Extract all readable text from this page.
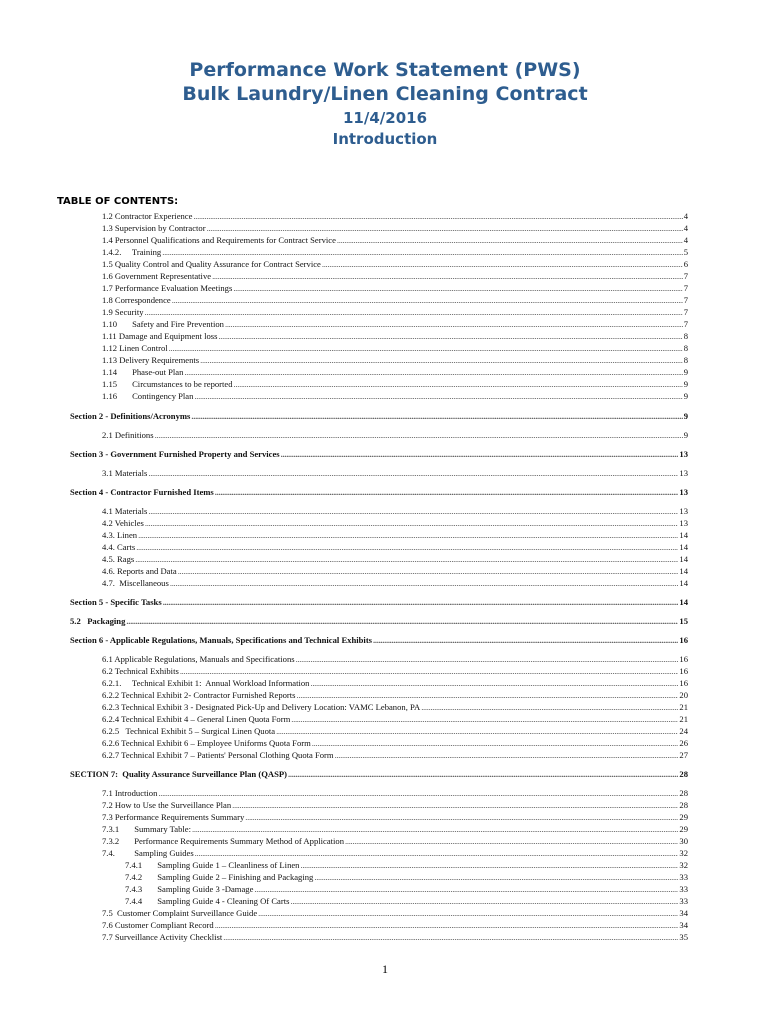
Performance Work Statement (PWS)
Bulk Laundry/Linen Cleaning Contract
11/4/2016
Introduction
TABLE OF CONTENTS:
1.2 Contractor Experience .....	4
1.3 Supervision by Contractor .....	4
1.4 Personnel Qualifications and Requirements for Contract Service .....	4
1.4.2.     Training .....	5
1.5 Quality Control and Quality Assurance for Contract Service .....	6
1.6 Government Representative .....	7
1.7 Performance Evaluation Meetings .....	7
1.8 Correspondence .....	7
1.9 Security .....	7
1.10       Safety and Fire Prevention .....	7
1.11 Damage and Equipment loss .....	8
1.12 Linen Control .....	8
1.13 Delivery Requirements .....	8
1.14       Phase-out Plan .....	9
1.15       Circumstances to be reported .....	9
1.16       Contingency Plan .....	9
Section 2 - Definitions/Acronyms .....	9
2.1 Definitions .....	9
Section 3 - Government Furnished Property and Services .....	13
3.1 Materials .....	13
Section 4 - Contractor Furnished Items .....	13
4.1 Materials .....	13
4.2 Vehicles .....	13
4.3. Linen .....	14
4.4. Carts .....	14
4.5. Rags .....	14
4.6. Reports and Data .....	14
4.7.  Miscellaneous .....	14
Section 5 - Specific Tasks .....	14
5.2   Packaging .....	15
Section 6 - Applicable Regulations, Manuals, Specifications and Technical Exhibits .....	16
6.1 Applicable Regulations, Manuals and Specifications .....	16
6.2 Technical Exhibits .....	16
6.2.1.     Technical Exhibit 1:  Annual Workload Information .....	16
6.2.2 Technical Exhibit 2- Contractor Furnished Reports .....	20
6.2.3 Technical Exhibit 3 - Designated Pick-Up and Delivery Location: VAMC Lebanon, PA .....	21
6.2.4 Technical Exhibit 4 – General Linen Quota Form .....	21
6.2.5   Technical Exhibit 5 – Surgical Linen Quota .....	24
6.2.6 Technical Exhibit 6 – Employee Uniforms Quota Form .....	26
6.2.7 Technical Exhibit 7 – Patients' Personal Clothing Quota Form .....	27
SECTION 7:  Quality Assurance Surveillance Plan (QASP) .....	28
7.1 Introduction .....	28
7.2 How to Use the Surveillance Plan .....	28
7.3 Performance Requirements Summary .....	29
7.3.1       Summary Table: .....	29
7.3.2       Performance Requirements Summary Method of Application .....	30
7.4.         Sampling Guides .....	32
7.4.1       Sampling Guide 1 – Cleanliness of Linen .....	32
7.4.2       Sampling Guide 2 – Finishing and Packaging .....	33
7.4.3       Sampling Guide 3 -Damage .....	33
7.4.4       Sampling Guide 4 - Cleaning Of Carts .....	33
7.5  Customer Complaint Surveillance Guide .....	34
7.6 Customer Compliant Record .....	34
7.7 Surveillance Activity Checklist .....	35
1
